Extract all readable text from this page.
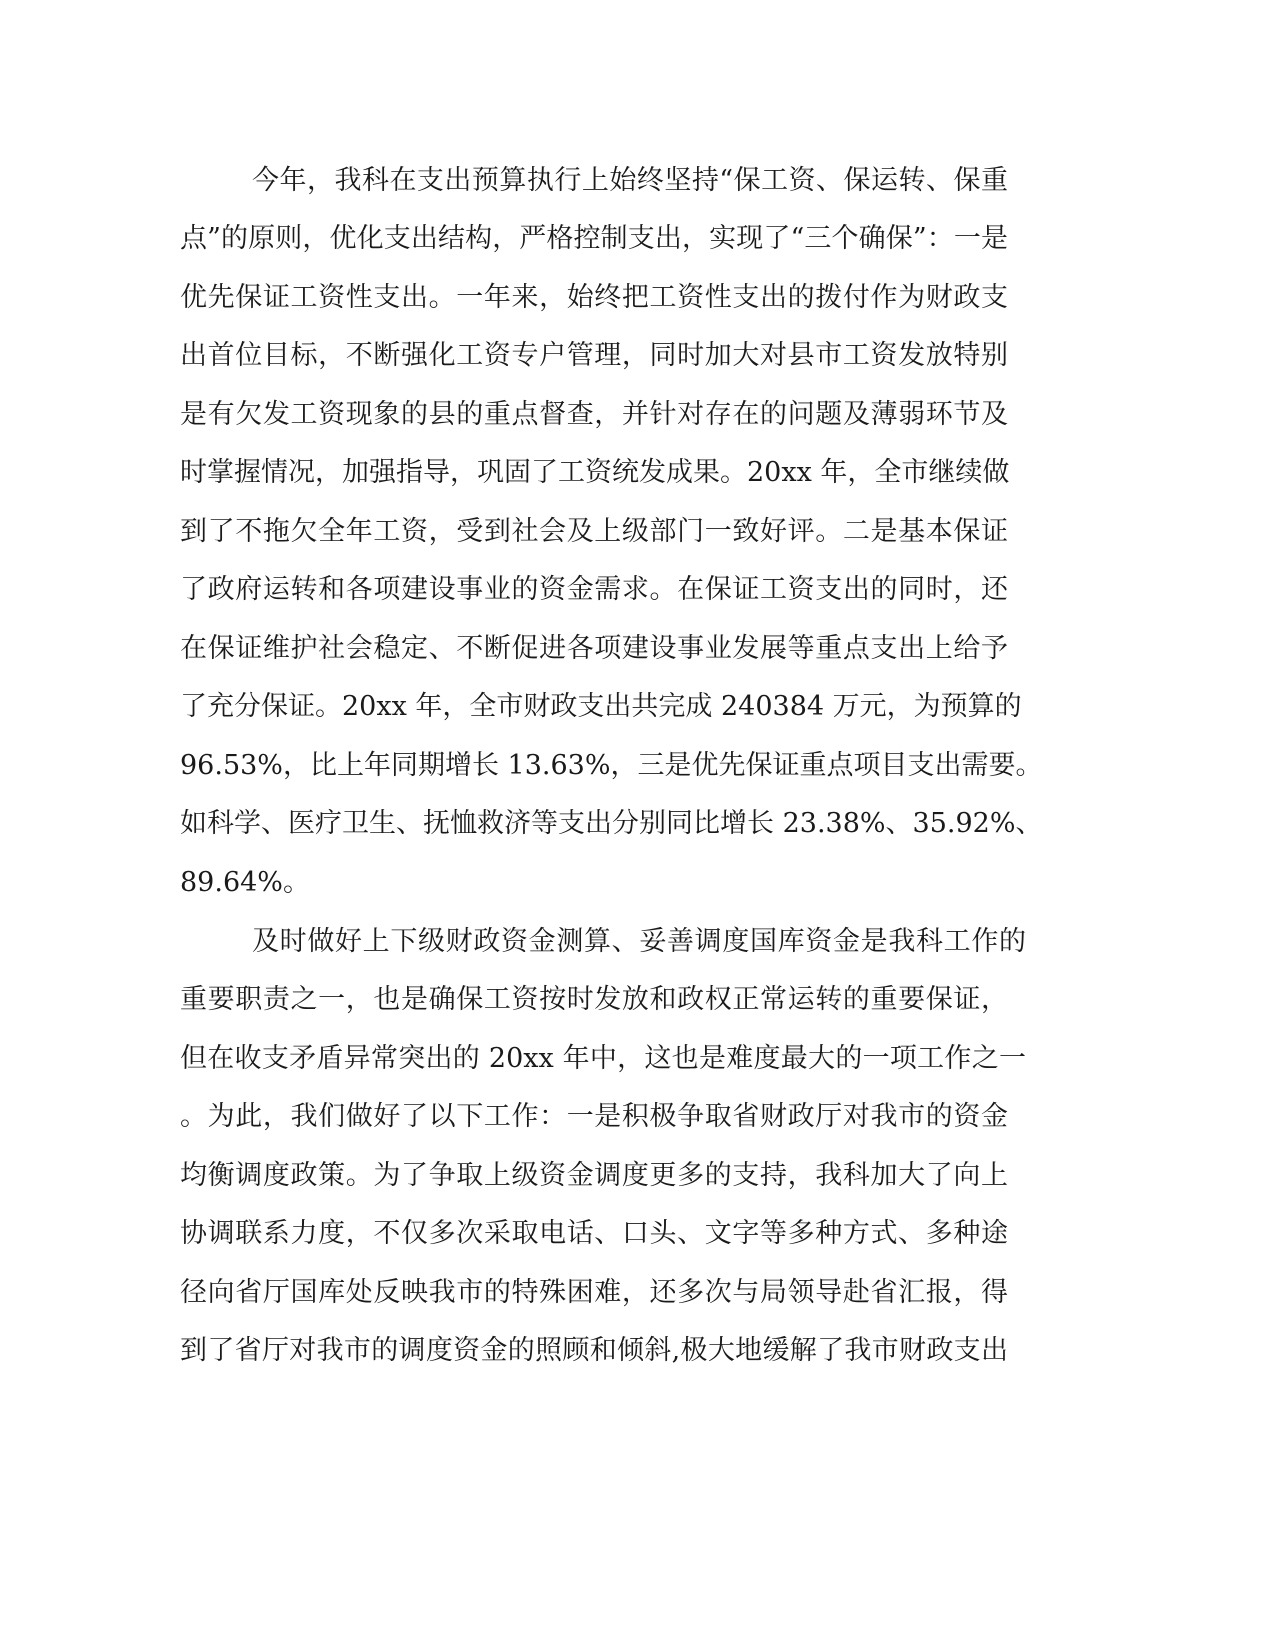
今年，我科在支出预算执行上始终坚持“保工资、保运转、保重
点”的原则，优化支出结构，严格控制支出，实现了“三个确保”：一是
优先保证工资性支出。一年来，始终把工资性支出的拨付作为财政支
出首位目标，不断强化工资专户管理，同时加大对县市工资发放特别
是有欠发工资现象的县的重点督查，并针对存在的问题及薄弱环节及
时掌握情况，加强指导，巩固了工资统发成果。20xx 年，全市继续做
到了不拖欠全年工资，受到社会及上级部门一致好评。二是基本保证
了政府运转和各项建设事业的资金需求。在保证工资支出的同时，还
在保证维护社会稳定、不断促进各项建设事业发展等重点支出上给予
了充分保证。20xx 年，全市财政支出共完成 240384 万元，为预算的
96.53%，比上年同期增长 13.63%，三是优先保证重点项目支出需要。
如科学、医疗卫生、抚恤救济等支出分别同比增长 23.38%、35.92%、
89.64%。
及时做好上下级财政资金测算、妥善调度国库资金是我科工作的
重要职责之一，也是确保工资按时发放和政权正常运转的重要保证，
但在收支矛盾异常突出的 20xx 年中，这也是难度最大的一项工作之一
。为此，我们做好了以下工作：一是积极争取省财政厅对我市的资金
均衡调度政策。为了争取上级资金调度更多的支持，我科加大了向上
协调联系力度，不仅多次采取电话、口头、文字等多种方式、多种途
径向省厅国库处反映我市的特殊困难，还多次与局领导赴省汇报，得
到了省厅对我市的调度资金的照顾和倾斜,极大地缓解了我市财政支出
